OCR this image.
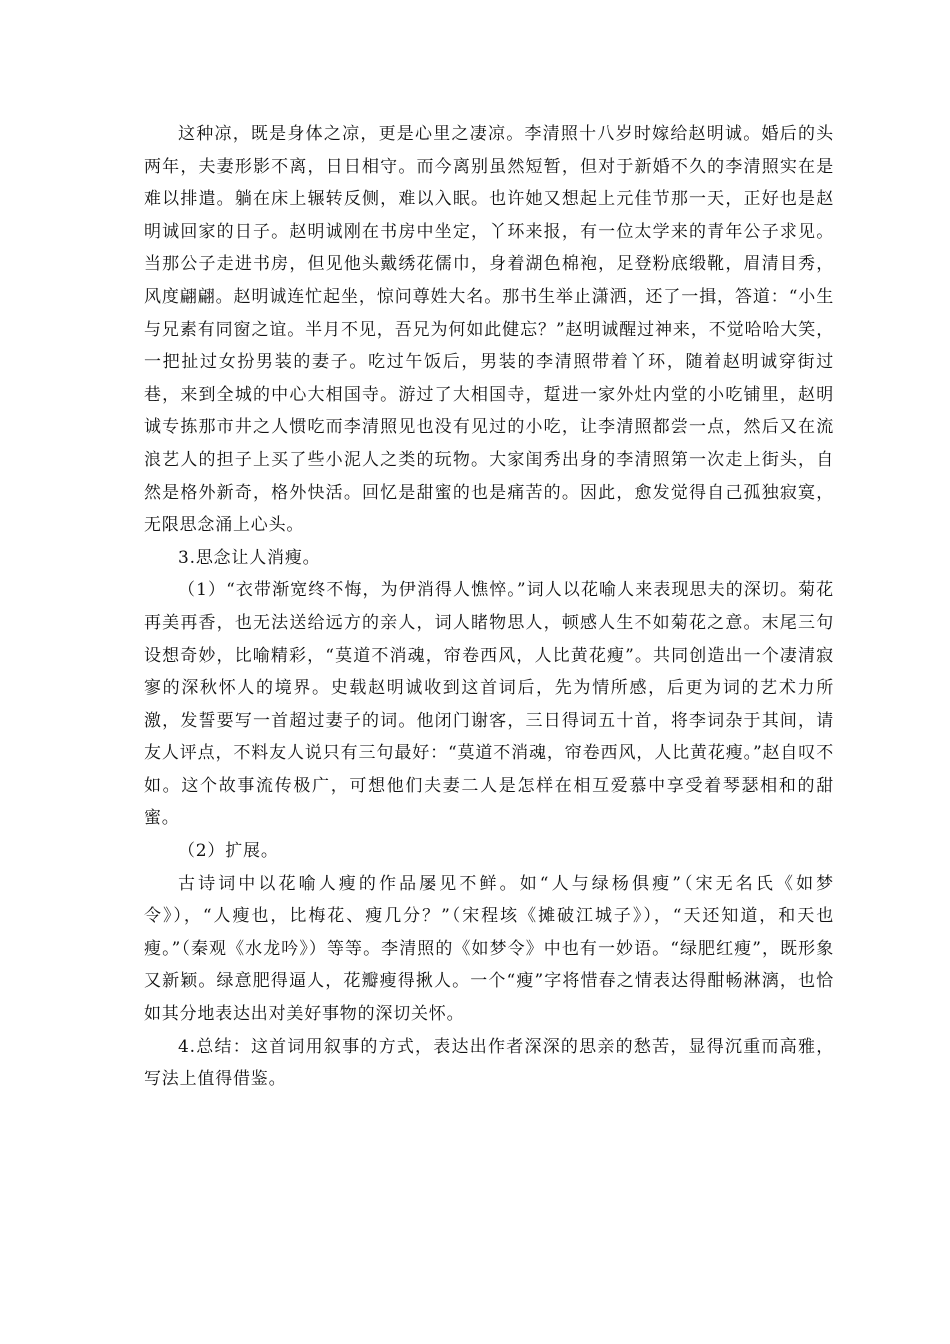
这种凉，既是身体之凉，更是心里之凄凉。李清照十八岁时嫁给赵明诚。婚后的头两年，夫妻形影不离，日日相守。而今离别虽然短暂，但对于新婚不久的李清照实在是难以排遣。躺在床上辗转反侧，难以入眠。也许她又想起上元佳节那一天，正好也是赵明诚回家的日子。赵明诚刚在书房中坐定，丫环来报，有一位太学来的青年公子求见。当那公子走进书房，但见他头戴绣花儒巾，身着湖色棉袍，足登粉底缎靴，眉清目秀，风度翩翩。赵明诚连忙起坐，惊问尊姓大名。那书生举止潇洒，还了一揖，答道：“小生与兄素有同窗之谊。半月不见，吾兄为何如此健忘？”赵明诚醒过神来，不觉哈哈大笑，一把扯过女扮男装的妻子。吃过午饭后，男装的李清照带着丫环，随着赵明诚穿街过巷，来到全城的中心大相国寺。游过了大相国寺，踅进一家外灶内堂的小吃铺里，赵明诚专拣那市井之人惯吃而李清照见也没有见过的小吃，让李清照都尝一点，然后又在流浪艺人的担子上买了些小泥人之类的玩物。大家闺秀出身的李清照第一次走上街头，自然是格外新奇，格外快活。回忆是甜蜜的也是痛苦的。因此，愈发觉得自己孤独寂寞，无限思念涌上心头。

3.思念让人消瘦。

（1）“衣带渐宽终不悔，为伊消得人憔悴。”词人以花喻人来表现思夫的深切。菊花再美再香，也无法送给远方的亲人，词人睹物思人，顿感人生不如菊花之意。末尾三句设想奇妙，比喻精彩，“莫道不消魂，帘卷西风，人比黄花瘦”。共同创造出一个凄清寂寥的深秋怀人的境界。史载赵明诚收到这首词后，先为情所感，后更为词的艺术力所激，发誓要写一首超过妻子的词。他闭门谢客，三日得词五十首，将李词杂于其间，请友人评点，不料友人说只有三句最好：“莫道不消魂，帘卷西风，人比黄花瘦。”赵自叹不如。这个故事流传极广，可想他们夫妻二人是怎样在相互爱慕中享受着琴瑟相和的甜蜜。

（2）扩展。

古诗词中以花喻人瘦的作品屡见不鲜。如“人与绿杨俱瘦”（宋无名氏《如梦令》），“人瘦也，比梅花、瘦几分？”（宋程垓《摊破江城子》），“天还知道，和天也瘦。”（秦观《水龙吟》）等等。李清照的《如梦令》中也有一妙语。“绿肥红瘦”，既形象又新颖。绿意肥得逼人，花瓣瘦得揪人。一个“瘦”字将惜春之情表达得酣畅淋漓，也恰如其分地表达出对美好事物的深切关怀。

4.总结：这首词用叙事的方式，表达出作者深深的思亲的愁苦，显得沉重而高雅，写法上值得借鉴。
